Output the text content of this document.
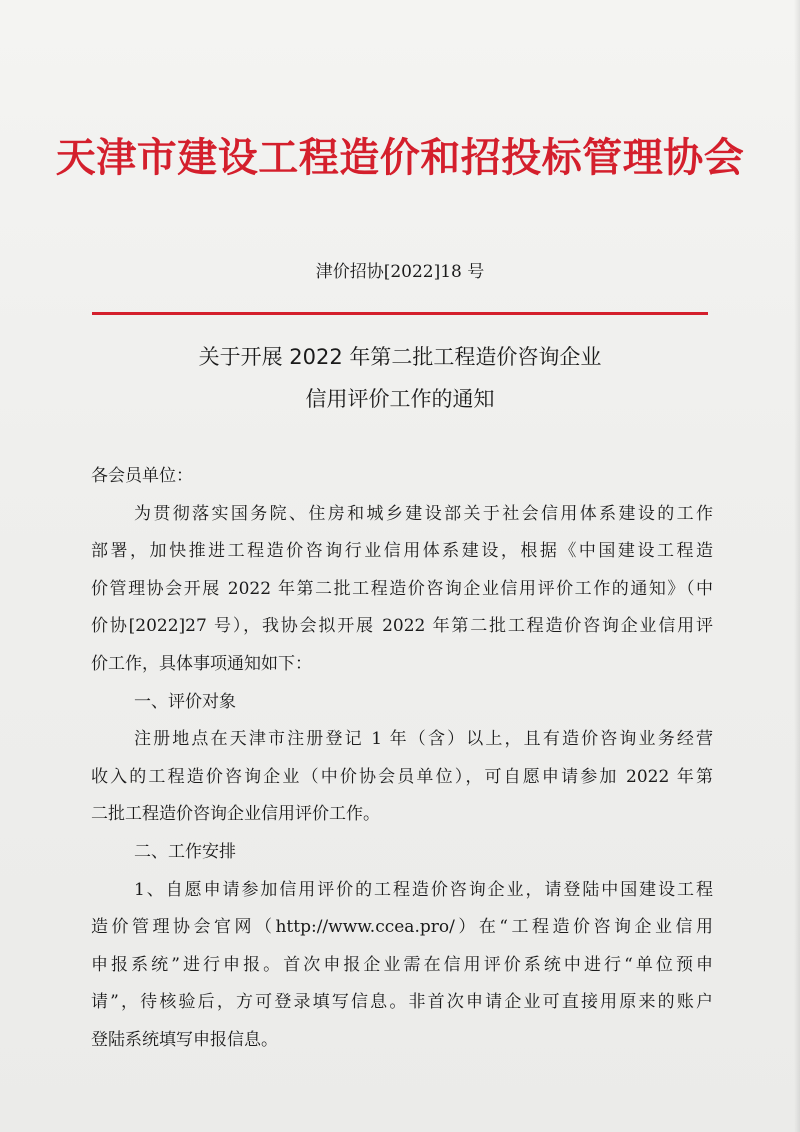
天津市建设工程造价和招投标管理协会
津价招协[2022]18 号
关于开展 2022 年第二批工程造价咨询企业
信用评价工作的通知
各会员单位：
为贯彻落实国务院、住房和城乡建设部关于社会信用体系建设的工作
部署，加快推进工程造价咨询行业信用体系建设，根据《中国建设工程造
价管理协会开展 2022 年第二批工程造价咨询企业信用评价工作的通知》（中
价协[2022]27 号），我协会拟开展 2022 年第二批工程造价咨询企业信用评
价工作，具体事项通知如下：
一、评价对象
注册地点在天津市注册登记 1 年（含）以上，且有造价咨询业务经营
收入的工程造价咨询企业（中价协会员单位），可自愿申请参加 2022 年第
二批工程造价咨询企业信用评价工作。
二、工作安排
1、自愿申请参加信用评价的工程造价咨询企业，请登陆中国建设工程
造价管理协会官网（http://www.ccea.pro/）在“工程造价咨询企业信用
申报系统”进行申报。首次申报企业需在信用评价系统中进行“单位预申
请”，待核验后，方可登录填写信息。非首次申请企业可直接用原来的账户
登陆系统填写申报信息。
